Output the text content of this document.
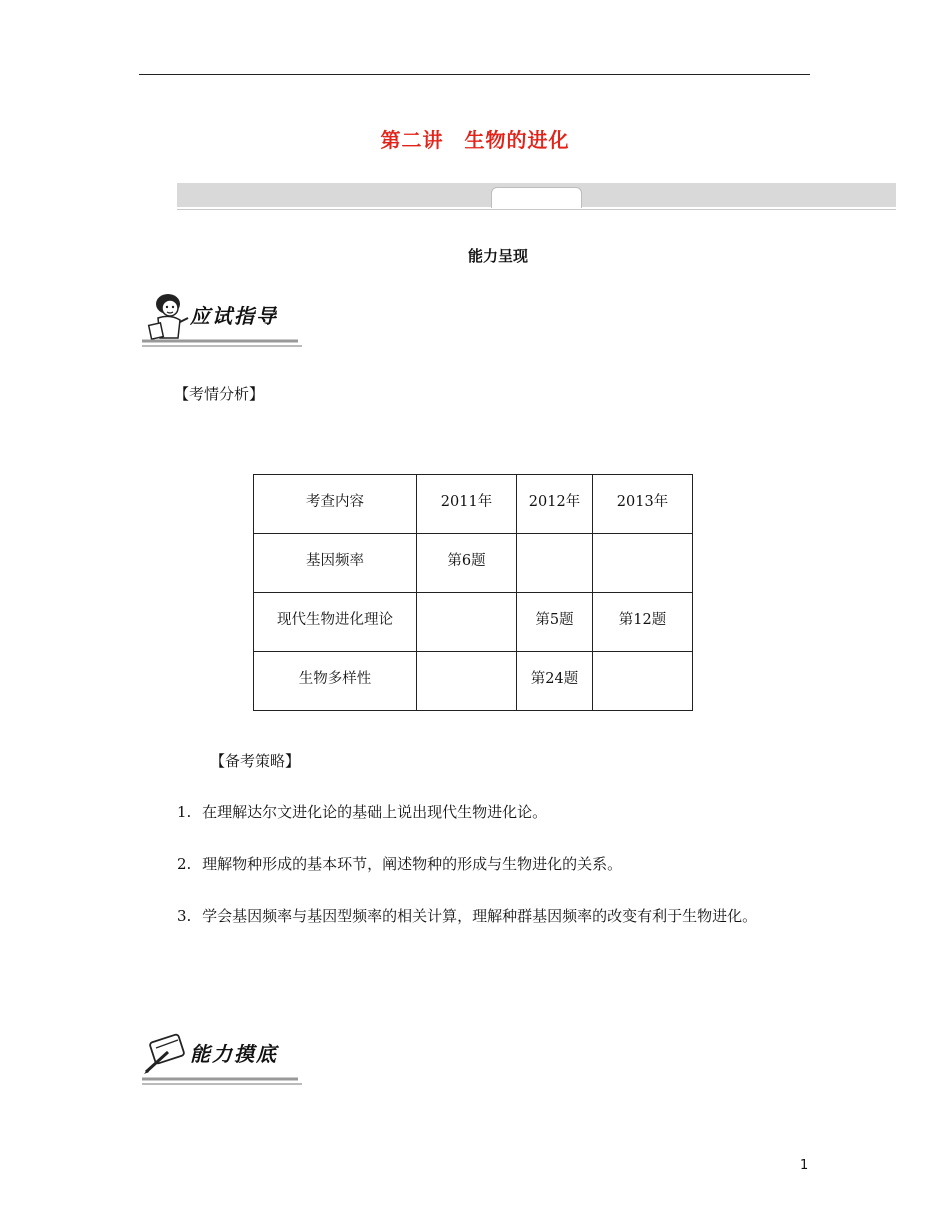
第二讲　生物的进化
能力呈现
应试指导
【考情分析】
考查内容	2011年	2012年	2013年
基因频率	第6题		
现代生物进化理论		第5题	第12题
生物多样性		第24题	
【备考策略】
1. 在理解达尔文进化论的基础上说出现代生物进化论。
2. 理解物种形成的基本环节，阐述物种的形成与生物进化的关系。
3. 学会基因频率与基因型频率的相关计算，理解种群基因频率的改变有利于生物进化。
能力摸底
1
